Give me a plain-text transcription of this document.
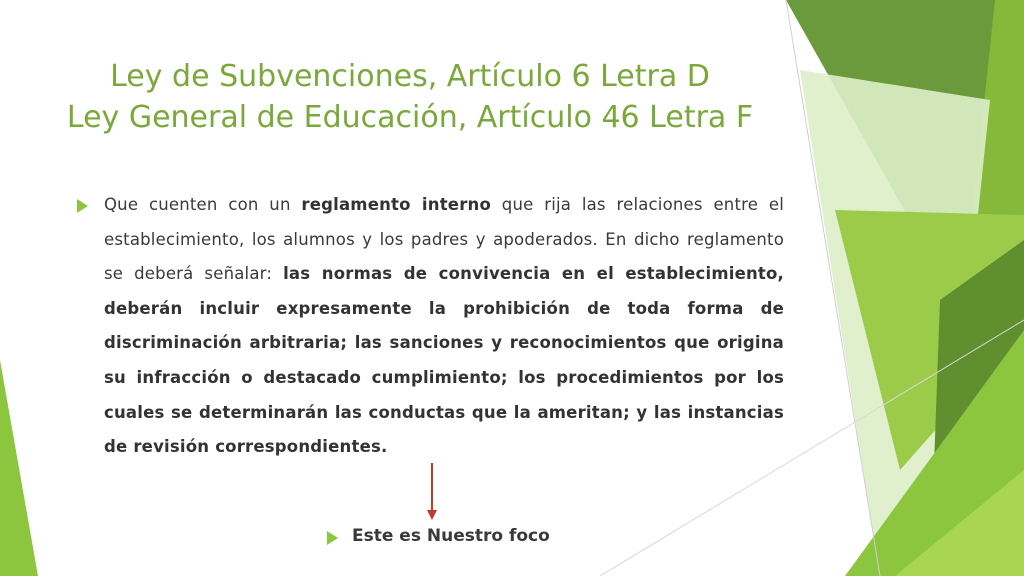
Ley de Subvenciones, Artículo 6 Letra D
Ley General de Educación, Artículo 46 Letra F
Que cuenten con un reglamento interno que rija las relaciones entre el establecimiento, los alumnos y los padres y apoderados. En dicho reglamento se deberá señalar: las normas de convivencia en el establecimiento, deberán incluir expresamente la prohibición de toda forma de discriminación arbitraria; las sanciones y reconocimientos que origina su infracción o destacado cumplimiento; los procedimientos por los cuales se determinarán las conductas que la ameritan; y las instancias de revisión correspondientes.
Este es Nuestro foco
